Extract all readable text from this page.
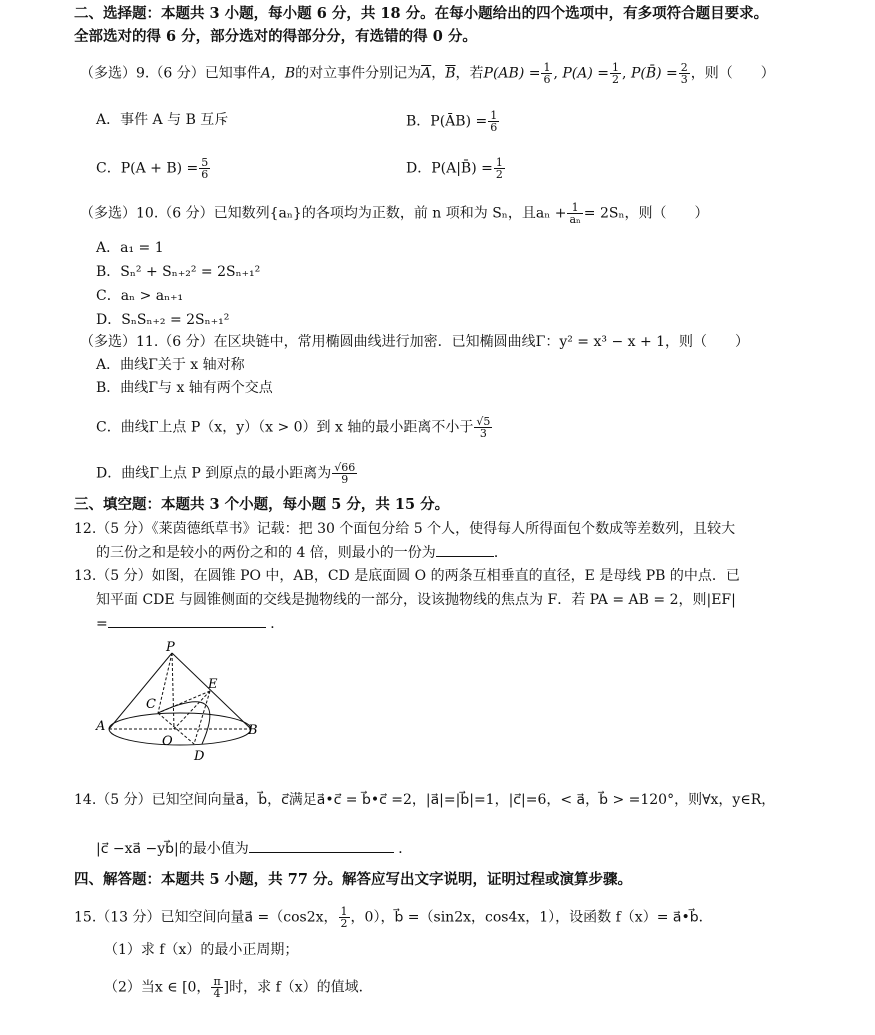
二、选择题：本题共 3 小题，每小题 6 分，共 18 分。在每小题给出的四个选项中，有多项符合题目要求。
全部选对的得 6 分，部分选对的得部分分，有选错的得 0 分。
（多选）9.（6 分）已知事件A，B的对立事件分别记为$\overline{A}$，$\overline{B}$，若$P(AB) = \frac{1}{6}$ , $P(A) = \frac{1}{2}$ , P(B̄) = $\frac{2}{3}$ ，则（　　）
A．事件 A 与 B 互斥	B．P(ĀB) = $\frac{1}{6}$
C．$P(A + B) = \frac{5}{6}$	D．P(A|B̄) = $\frac{1}{2}$
（多选）10.（6 分）已知数列{aₙ}的各项均为正数，前 n 项和为 Sₙ，且$a_n + \frac{1}{\text{aₙ}} = 2S_n$，则（　　）
A．a₁ = 1
B．Sₙ² + Sₙ₊₂² = 2Sₙ₊₁²
C．aₙ > aₙ₊₁
D．SₙSₙ₊₂ = 2Sₙ₊₁²
（多选）11.（6 分）在区块链中，常用椭圆曲线进行加密．已知椭圆曲线Γ：y² = x³ − x + 1，则（　　）
A．曲线Γ关于 x 轴对称
B．曲线Γ与 x 轴有两个交点
C．曲线Γ上点 P（x，y）（x > 0）到 x 轴的最小距离不小于 $\frac{√5}{3}$
D．曲线Γ上点 P 到原点的最小距离为 $\frac{√66}{9}$
三、填空题：本题共 3 个小题，每小题 5 分，共 15 分。
12.（5 分）《莱茵德纸草书》记载：把 30 个面包分给 5 个人，使得每人所得面包个数成等差数列，且较大
的三份之和是较小的两份之和的 4 倍，则最小的一份为	．
13.（5 分）如图，在圆锥 PO 中，AB，CD 是底面圆 O 的两条互相垂直的直径，E 是母线 PB 的中点．已
知平面 CDE 与圆锥侧面的交线是抛物线的一部分，设该抛物线的焦点为 F．若 PA = AB = 2，则|EF|
=	．
P
E
C
A
O
B
D
14.（5 分）已知空间向量a⃗，b⃗，c⃗满足a⃗•c⃗ = b⃗•c⃗ =2，|a⃗|=|b⃗|=1，|c⃗|=6，< a⃗，b⃗ > =120°，则∀x，y∈R，
|c⃗ −xa⃗ −yb⃗|的最小值为	．
四、解答题：本题共 5 小题，共 77 分。解答应写出文字说明，证明过程或演算步骤。
15.（13 分）已知空间向量a⃗ =（cos2x， $\frac{1}{2}$ ，0），b⃗ =（sin2x，cos4x，1），设函数 f（x）= a⃗•b⃗．
（1）求 f（x）的最小正周期；
（2）当x ∈ [0， $\frac{\pi}{4}$ ]时，求 f（x）的值域．
